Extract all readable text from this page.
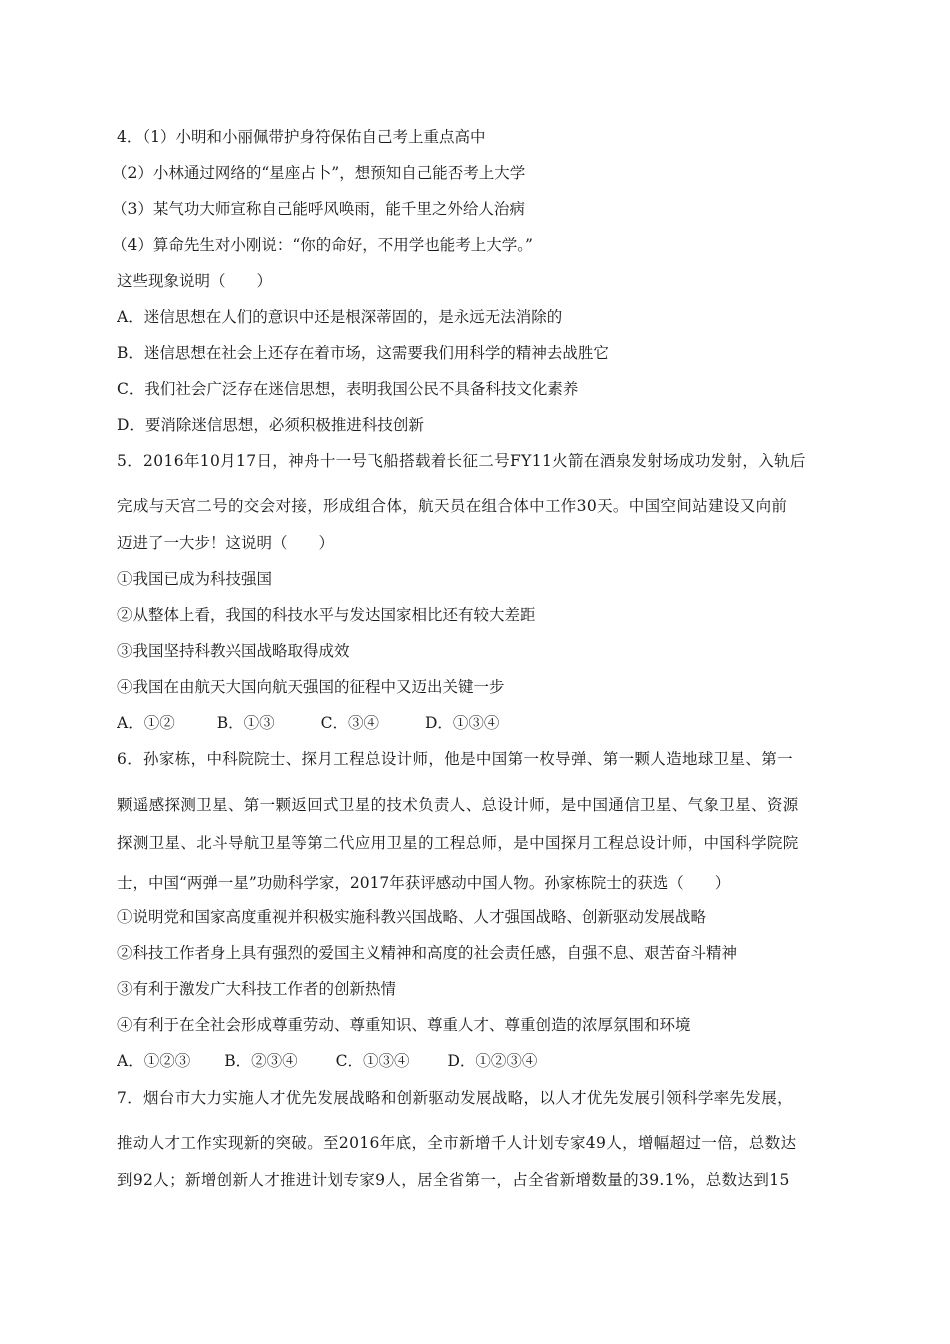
4．（1）小明和小丽佩带护身符保佑自己考上重点高中
（2）小林通过网络的“星座占卜”，想预知自己能否考上大学
（3）某气功大师宣称自己能呼风唤雨，能千里之外给人治病
（4）算命先生对小刚说：“你的命好，不用学也能考上大学。”
这些现象说明（　　）
A．迷信思想在人们的意识中还是根深蒂固的，是永远无法消除的
B．迷信思想在社会上还存在着市场，这需要我们用科学的精神去战胜它
C．我们社会广泛存在迷信思想，表明我国公民不具备科技文化素养
D．要消除迷信思想，必须积极推进科技创新
5．2016年10月17日，神舟十一号飞船搭载着长征二号FY11火箭在酒泉发射场成功发射，入轨后
完成与天宫二号的交会对接，形成组合体，航天员在组合体中工作30天。中国空间站建设又向前
迈进了一大步！这说明（　　）
①我国已成为科技强国
②从整体上看，我国的科技水平与发达国家相比还有较大差距
③我国坚持科教兴国战略取得成效
④我国在由航天大国向航天强国的征程中又迈出关键一步
A．①②	B．①③	C．③④	D．①③④
6．孙家栋，中科院院士、探月工程总设计师，他是中国第一枚导弹、第一颗人造地球卫星、第一
颗遥感探测卫星、第一颗返回式卫星的技术负责人、总设计师，是中国通信卫星、气象卫星、资源
探测卫星、北斗导航卫星等第二代应用卫星的工程总师，是中国探月工程总设计师，中国科学院院
士，中国“两弹一星”功勋科学家，2017年获评感动中国人物。孙家栋院士的获选（　　）
①说明党和国家高度重视并积极实施科教兴国战略、人才强国战略、创新驱动发展战略
②科技工作者身上具有强烈的爱国主义精神和高度的社会责任感，自强不息、艰苦奋斗精神
③有利于激发广大科技工作者的创新热情
④有利于在全社会形成尊重劳动、尊重知识、尊重人才、尊重创造的浓厚氛围和环境
A．①②③ B．②③④ C．①③④ D．①②③④
7．烟台市大力实施人才优先发展战略和创新驱动发展战略，以人才优先发展引领科学率先发展，
推动人才工作实现新的突破。至2016年底，全市新增千人计划专家49人，增幅超过一倍，总数达
到92人；新增创新人才推进计划专家9人，居全省第一，占全省新增数量的39.1%，总数达到15
